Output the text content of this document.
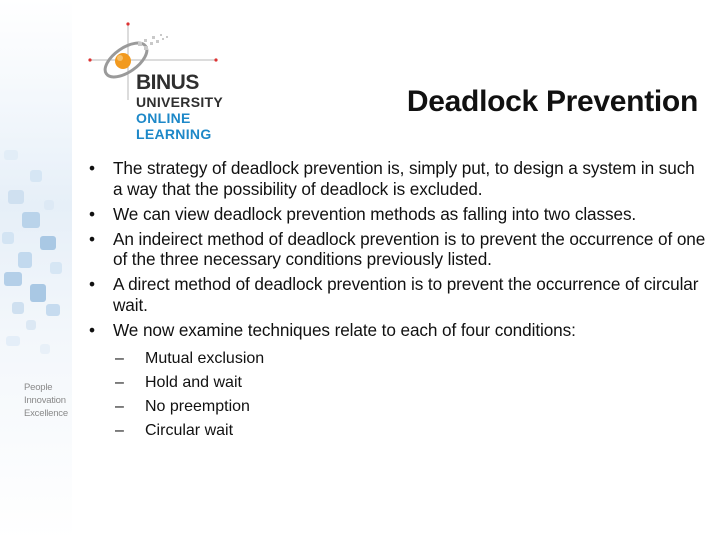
People
Innovation
Excellence
BINUS
UNIVERSITY
ONLINE
LEARNING
Deadlock Prevention
• The strategy of deadlock prevention is, simply put, to design a system in such a way that the possibility of deadlock is excluded.
• We can view deadlock prevention methods as falling into two classes.
• An indeirect method of deadlock prevention is to prevent the occurrence of one of the three necessary conditions previously listed.
• A direct method of deadlock prevention is to prevent the occurrence of circular wait.
• We now examine techniques relate to each of four conditions:
– Mutual exclusion
– Hold and wait
– No preemption
– Circular wait
